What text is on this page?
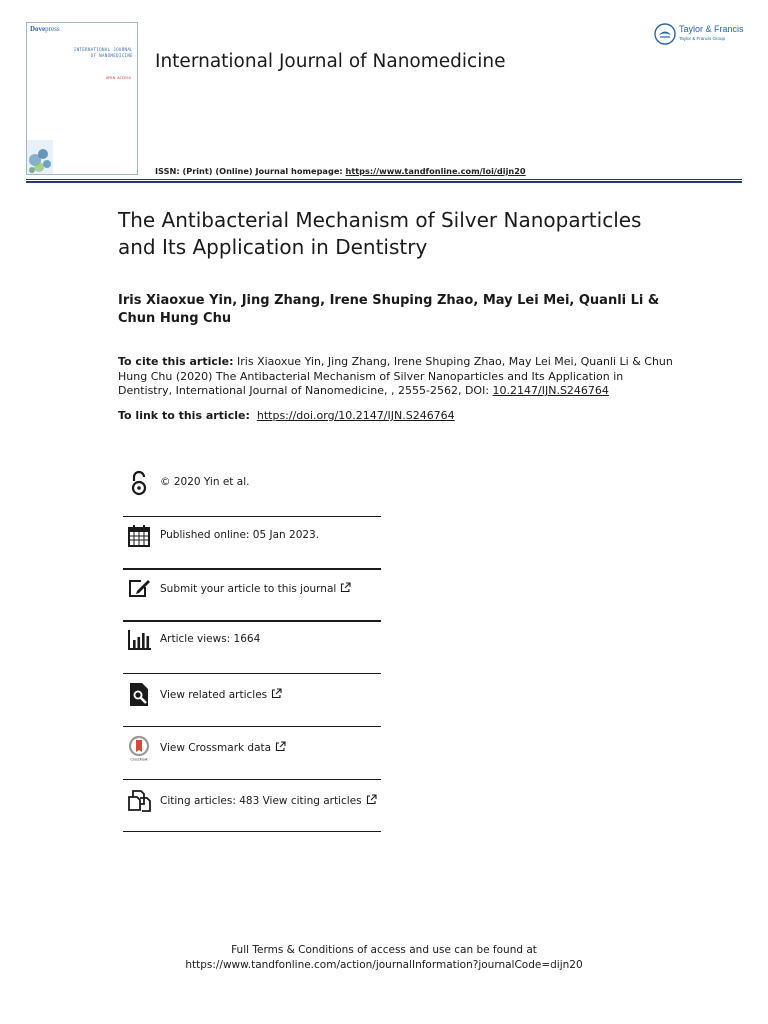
Dovepress
INTERNATIONAL JOURNAL
OF NANOMEDICINE
OPEN ACCESS
International Journal of Nanomedicine
ISSN: (Print) (Online) Journal homepage: https://www.tandfonline.com/loi/dijn20
Taylor & Francis
Taylor & Francis Group
The Antibacterial Mechanism of Silver Nanoparticles and Its Application in Dentistry
Iris Xiaoxue Yin, Jing Zhang, Irene Shuping Zhao, May Lei Mei, Quanli Li & Chun Hung Chu
To cite this article: Iris Xiaoxue Yin, Jing Zhang, Irene Shuping Zhao, May Lei Mei, Quanli Li & Chun Hung Chu (2020) The Antibacterial Mechanism of Silver Nanoparticles and Its Application in Dentistry, International Journal of Nanomedicine, , 2555-2562, DOI: 10.2147/IJN.S246764
To link to this article: https://doi.org/10.2147/IJN.S246764
© 2020 Yin et al.
Published online: 05 Jan 2023.
Submit your article to this journal
Article views: 1664
View related articles
CrossMark
View Crossmark data
Citing articles: 483 View citing articles
Full Terms & Conditions of access and use can be found at
https://www.tandfonline.com/action/journalInformation?journalCode=dijn20
